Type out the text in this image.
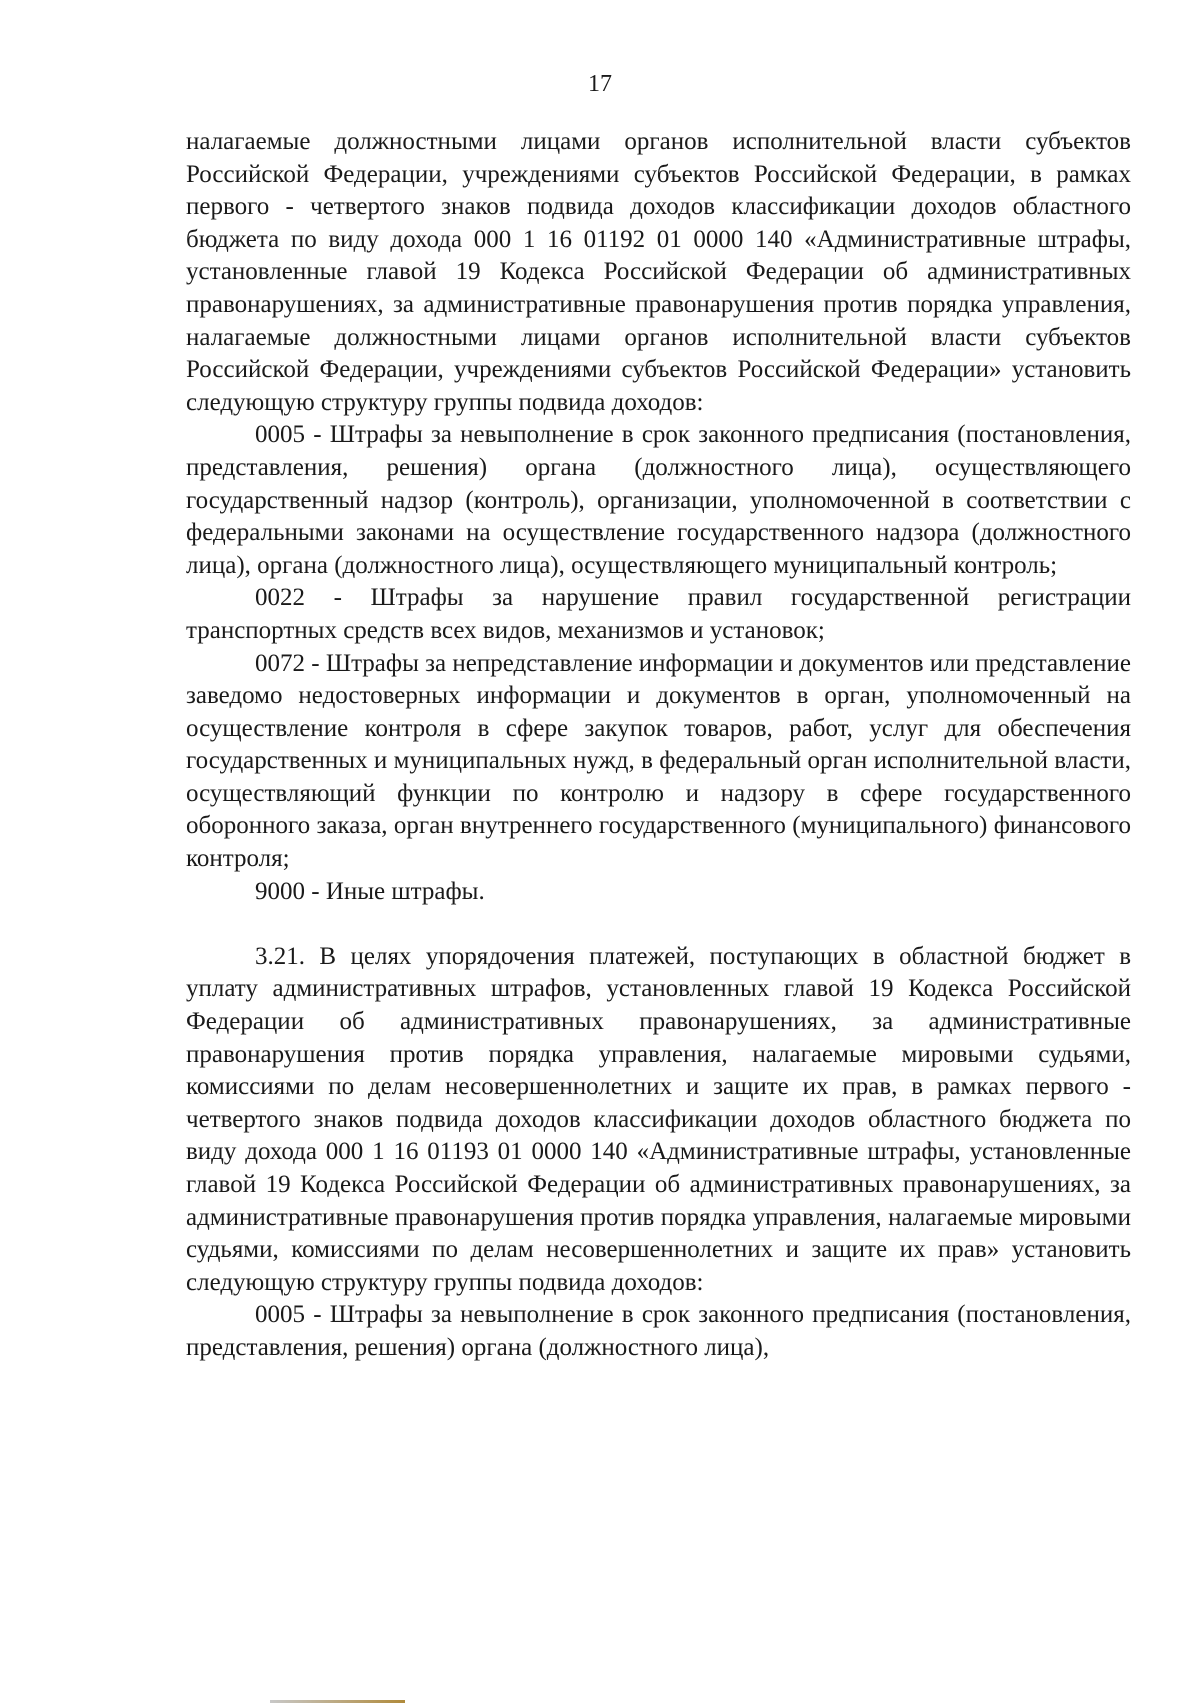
17

налагаемые должностными лицами органов исполнительной власти субъектов Российской Федерации, учреждениями субъектов Российской Федерации, в рамках первого - четвертого знаков подвида доходов классификации доходов областного бюджета по виду дохода 000 1 16 01192 01 0000 140 «Административные штрафы, установленные главой 19 Кодекса Российской Федерации об административных правонарушениях, за административные правонарушения против порядка управления, налагаемые должностными лицами органов исполнительной власти субъектов Российской Федерации, учреждениями субъектов Российской Федерации» установить следующую структуру группы подвида доходов:

0005 - Штрафы за невыполнение в срок законного предписания (постановления, представления, решения) органа (должностного лица), осуществляющего государственный надзор (контроль), организации, уполномоченной в соответствии с федеральными законами на осуществление государственного надзора (должностного лица), органа (должностного лица), осуществляющего муниципальный контроль;

0022 - Штрафы за нарушение правил государственной регистрации транспортных средств всех видов, механизмов и установок;

0072 - Штрафы за непредставление информации и документов или представление заведомо недостоверных информации и документов в орган, уполномоченный на осуществление контроля в сфере закупок товаров, работ, услуг для обеспечения государственных и муниципальных нужд, в федеральный орган исполнительной власти, осуществляющий функции по контролю и надзору в сфере государственного оборонного заказа, орган внутреннего государственного (муниципального) финансового контроля;

9000 - Иные штрафы.

3.21. В целях упорядочения платежей, поступающих в областной бюджет в уплату административных штрафов, установленных главой 19 Кодекса Российской Федерации об административных правонарушениях, за административные правонарушения против порядка управления, налагаемые мировыми судьями, комиссиями по делам несовершеннолетних и защите их прав, в рамках первого - четвертого знаков подвида доходов классификации доходов областного бюджета по виду дохода 000 1 16 01193 01 0000 140 «Административные штрафы, установленные главой 19 Кодекса Российской Федерации об административных правонарушениях, за административные правонарушения против порядка управления, налагаемые мировыми судьями, комиссиями по делам несовершеннолетних и защите их прав» установить следующую структуру группы подвида доходов:

0005 - Штрафы за невыполнение в срок законного предписания (постановления, представления, решения) органа (должностного лица),
